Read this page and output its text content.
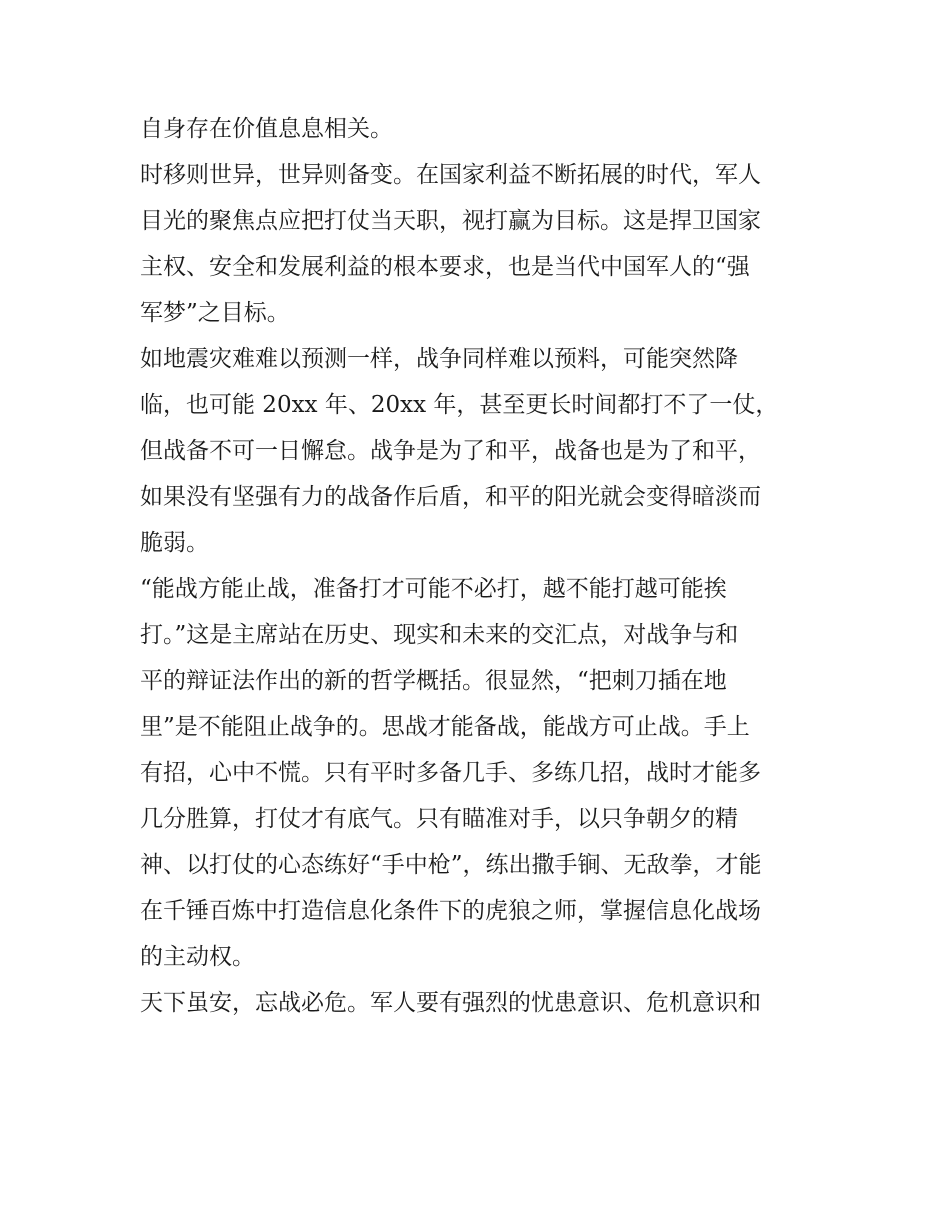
自身存在价值息息相关。
时移则世异，世异则备变。在国家利益不断拓展的时代，军人
目光的聚焦点应把打仗当天职，视打赢为目标。这是捍卫国家
主权、安全和发展利益的根本要求，也是当代中国军人的“强
军梦”之目标。
如地震灾难难以预测一样，战争同样难以预料，可能突然降
临，也可能 20xx 年、20xx 年，甚至更长时间都打不了一仗，
但战备不可一日懈怠。战争是为了和平，战备也是为了和平，
如果没有坚强有力的战备作后盾，和平的阳光就会变得暗淡而
脆弱。
“能战方能止战，准备打才可能不必打，越不能打越可能挨
打。”这是主席站在历史、现实和未来的交汇点，对战争与和
平的辩证法作出的新的哲学概括。很显然，“把刺刀插在地
里”是不能阻止战争的。思战才能备战，能战方可止战。手上
有招，心中不慌。只有平时多备几手、多练几招，战时才能多
几分胜算，打仗才有底气。只有瞄准对手，以只争朝夕的精
神、以打仗的心态练好“手中枪”，练出撒手锏、无敌拳，才能
在千锤百炼中打造信息化条件下的虎狼之师，掌握信息化战场
的主动权。
天下虽安，忘战必危。军人要有强烈的忧患意识、危机意识和
